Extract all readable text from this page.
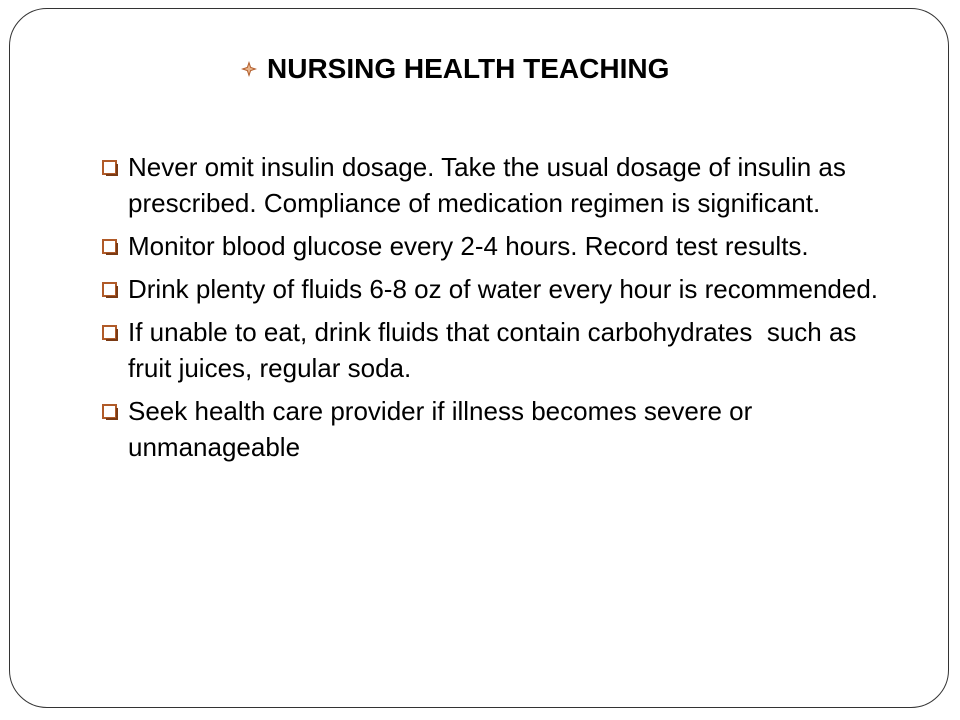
NURSING HEALTH TEACHING
Never omit insulin dosage. Take the usual dosage of insulin as prescribed. Compliance of medication regimen is significant.
Monitor blood glucose every 2-4 hours. Record test results.
Drink plenty of fluids 6-8 oz of water every hour is recommended.
If unable to eat, drink fluids that contain carbohydrates  such as fruit juices, regular soda.
Seek health care provider if illness becomes severe or unmanageable
